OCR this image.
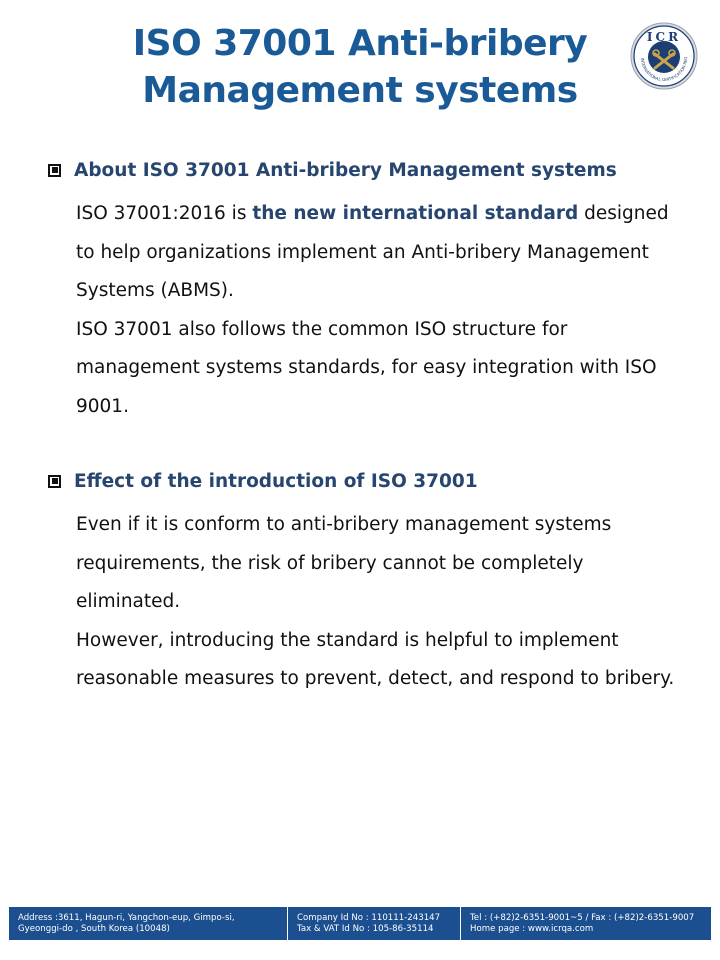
ISO 37001 Anti-bribery
Management systems
ICR
INTERNATIONAL CERTIFICATION REG
About ISO 37001 Anti-bribery Management systems

ISO 37001:2016 is the new international standard designed to help organizations implement an Anti-bribery Management Systems (ABMS).

ISO 37001 also follows the common ISO structure for management systems standards, for easy integration with ISO 9001.

Effect of the introduction of ISO 37001

Even if it is conform to anti-bribery management systems requirements, the risk of bribery cannot be completely eliminated.

However, introducing the standard is helpful to implement reasonable measures to prevent, detect, and respond to bribery.

Address :3611, Hagun-ri, Yangchon-eup, Gimpo-si,
Gyeonggi-do , South Korea (10048)
Company Id No : 110111-243147
Tax & VAT Id No : 105-86-35114
Tel : (+82)2-6351-9001~5 / Fax : (+82)2-6351-9007
Home page : www.icrqa.com
